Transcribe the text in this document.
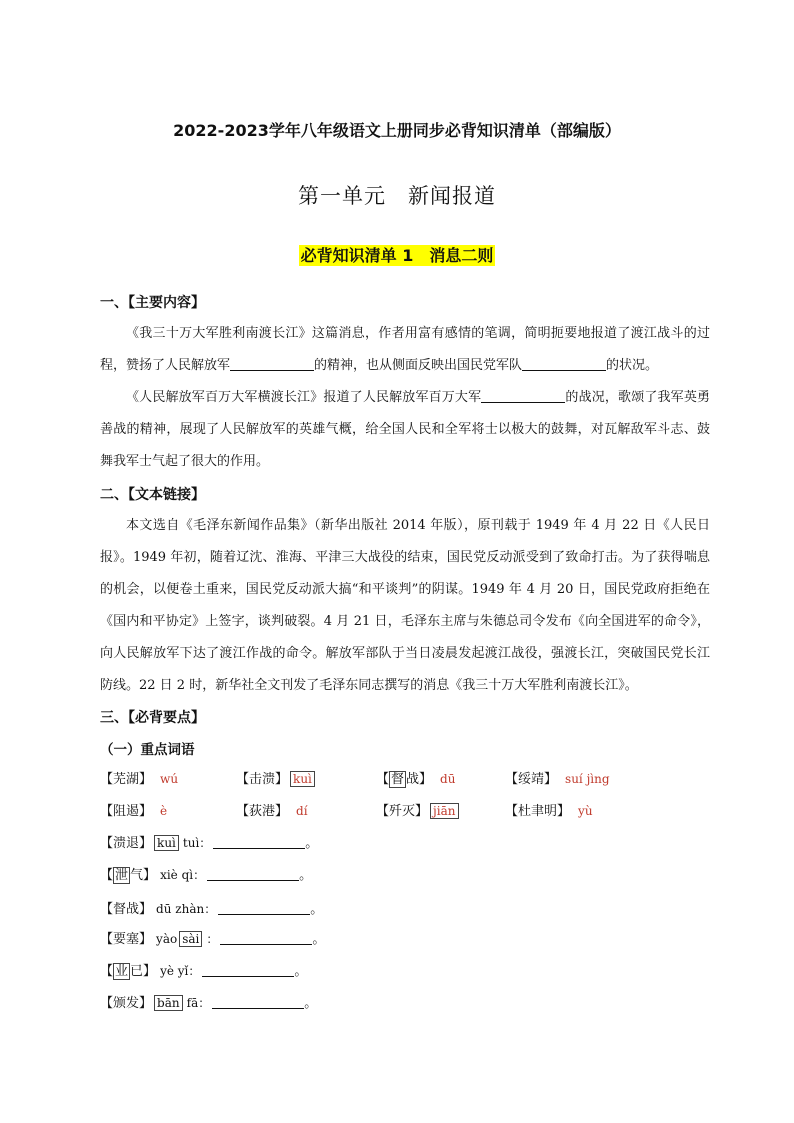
2022-2023学年八年级语文上册同步必背知识清单（部编版）
第一单元　新闻报道
必背知识清单 1　消息二则
一、【主要内容】

《我三十万大军胜利南渡长江》这篇消息，作者用富有感情的笔调，简明扼要地报道了渡江战斗的过程，赞扬了人民解放军	的精神，也从侧面反映出国民党军队	的状况。

《人民解放军百万大军横渡长江》报道了人民解放军百万大军	的战况，歌颂了我军英勇善战的精神，展现了人民解放军的英雄气概，给全国人民和全军将士以极大的鼓舞，对瓦解敌军斗志、鼓舞我军士气起了很大的作用。

二、【文本链接】

本文选自《毛泽东新闻作品集》（新华出版社 2014 年版），原刊载于 1949 年 4 月 22 日《人民日报》。1949 年初，随着辽沈、淮海、平津三大战役的结束，国民党反动派受到了致命打击。为了获得喘息的机会，以便卷土重来，国民党反动派大搞“和平谈判”的阴谋。1949 年 4 月 20 日，国民党政府拒绝在《国内和平协定》上签字，谈判破裂。4 月 21 日，毛泽东主席与朱德总司令发布《向全国进军的命令》，向人民解放军下达了渡江作战的命令。解放军部队于当日凌晨发起渡江战役，强渡长江，突破国民党长江防线。22 日 2 时，新华社全文刊发了毛泽东同志撰写的消息《我三十万大军胜利南渡长江》。

三、【必背要点】
（一）重点词语
【芜湖】 wú	【击溃】 kuì	【 督 战】 dū	【绥靖】 suí jìng
【阻遏】 è	【荻港】 dí	【歼灭】 jiān	【杜聿明】 yù
【溃退】 kuì tuì：	。
【 泄 气】 xiè qì：	。
【督战】 dū zhàn：	。
【要塞】 yào sài ：	。
【 业 已】 yè yǐ：	。
【颁发】 bān fā：	。
